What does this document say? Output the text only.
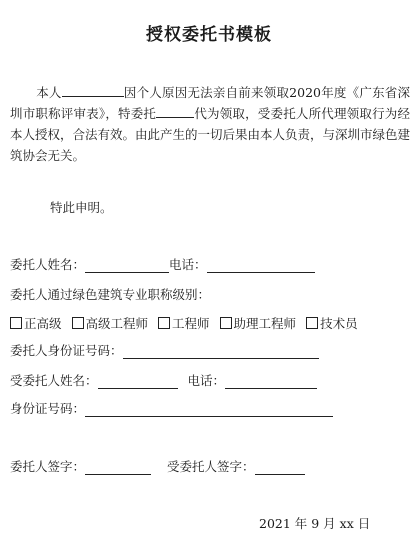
授权委托书模板
本人	因个人原因无法亲自前来领取2020年度《广东省深圳市职称评审表》，特委托	代为领取，受委托人所代理领取行为经本人授权，合法有效。由此产生的一切后果由本人负责，与深圳市绿色建筑协会无关。
特此申明。
委托人姓名：	电话：
委托人通过绿色建筑专业职称级别：
正高级 高级工程师 工程师 助理工程师 技术员
委托人身份证号码：
受委托人姓名：	电话：
身份证号码：
委托人签字：	受委托人签字：
2021 年 9 月 xx 日
